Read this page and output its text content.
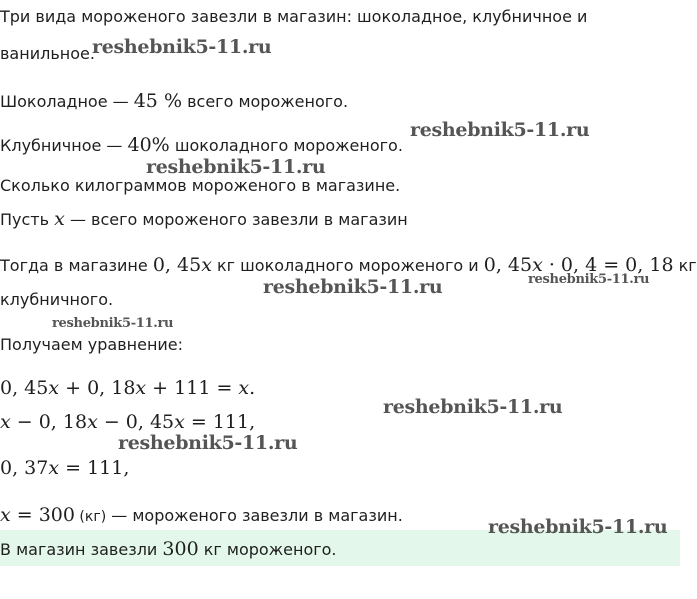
Три вида мороженого завезли в магазин: шоколадное, клубничное и
ванильное.
Шоколадное — 45 % всего мороженого.
Клубничное — 40% шоколадного мороженого.
Сколько килограммов мороженого в магазине.
Пусть x — всего мороженого завезли в магазин
Тогда в магазине 0, 45x кг шоколадного мороженого и 0, 45x · 0, 4 = 0, 18 кг
клубничного.
Получаем уравнение:
0, 45x + 0, 18x + 111 = x.
x − 0, 18x − 0, 45x = 111,
0, 37x = 111,
x = 300 (кг) — мороженого завезли в магазин.
В магазин завезли 300 кг мороженого.
reshebnik5-11.ru
reshebnik5-11.ru
reshebnik5-11.ru
reshebnik5-11.ru	reshebnik5-11.ru
reshebnik5-11.ru
reshebnik5-11.ru
reshebnik5-11.ru
reshebnik5-11.ru
